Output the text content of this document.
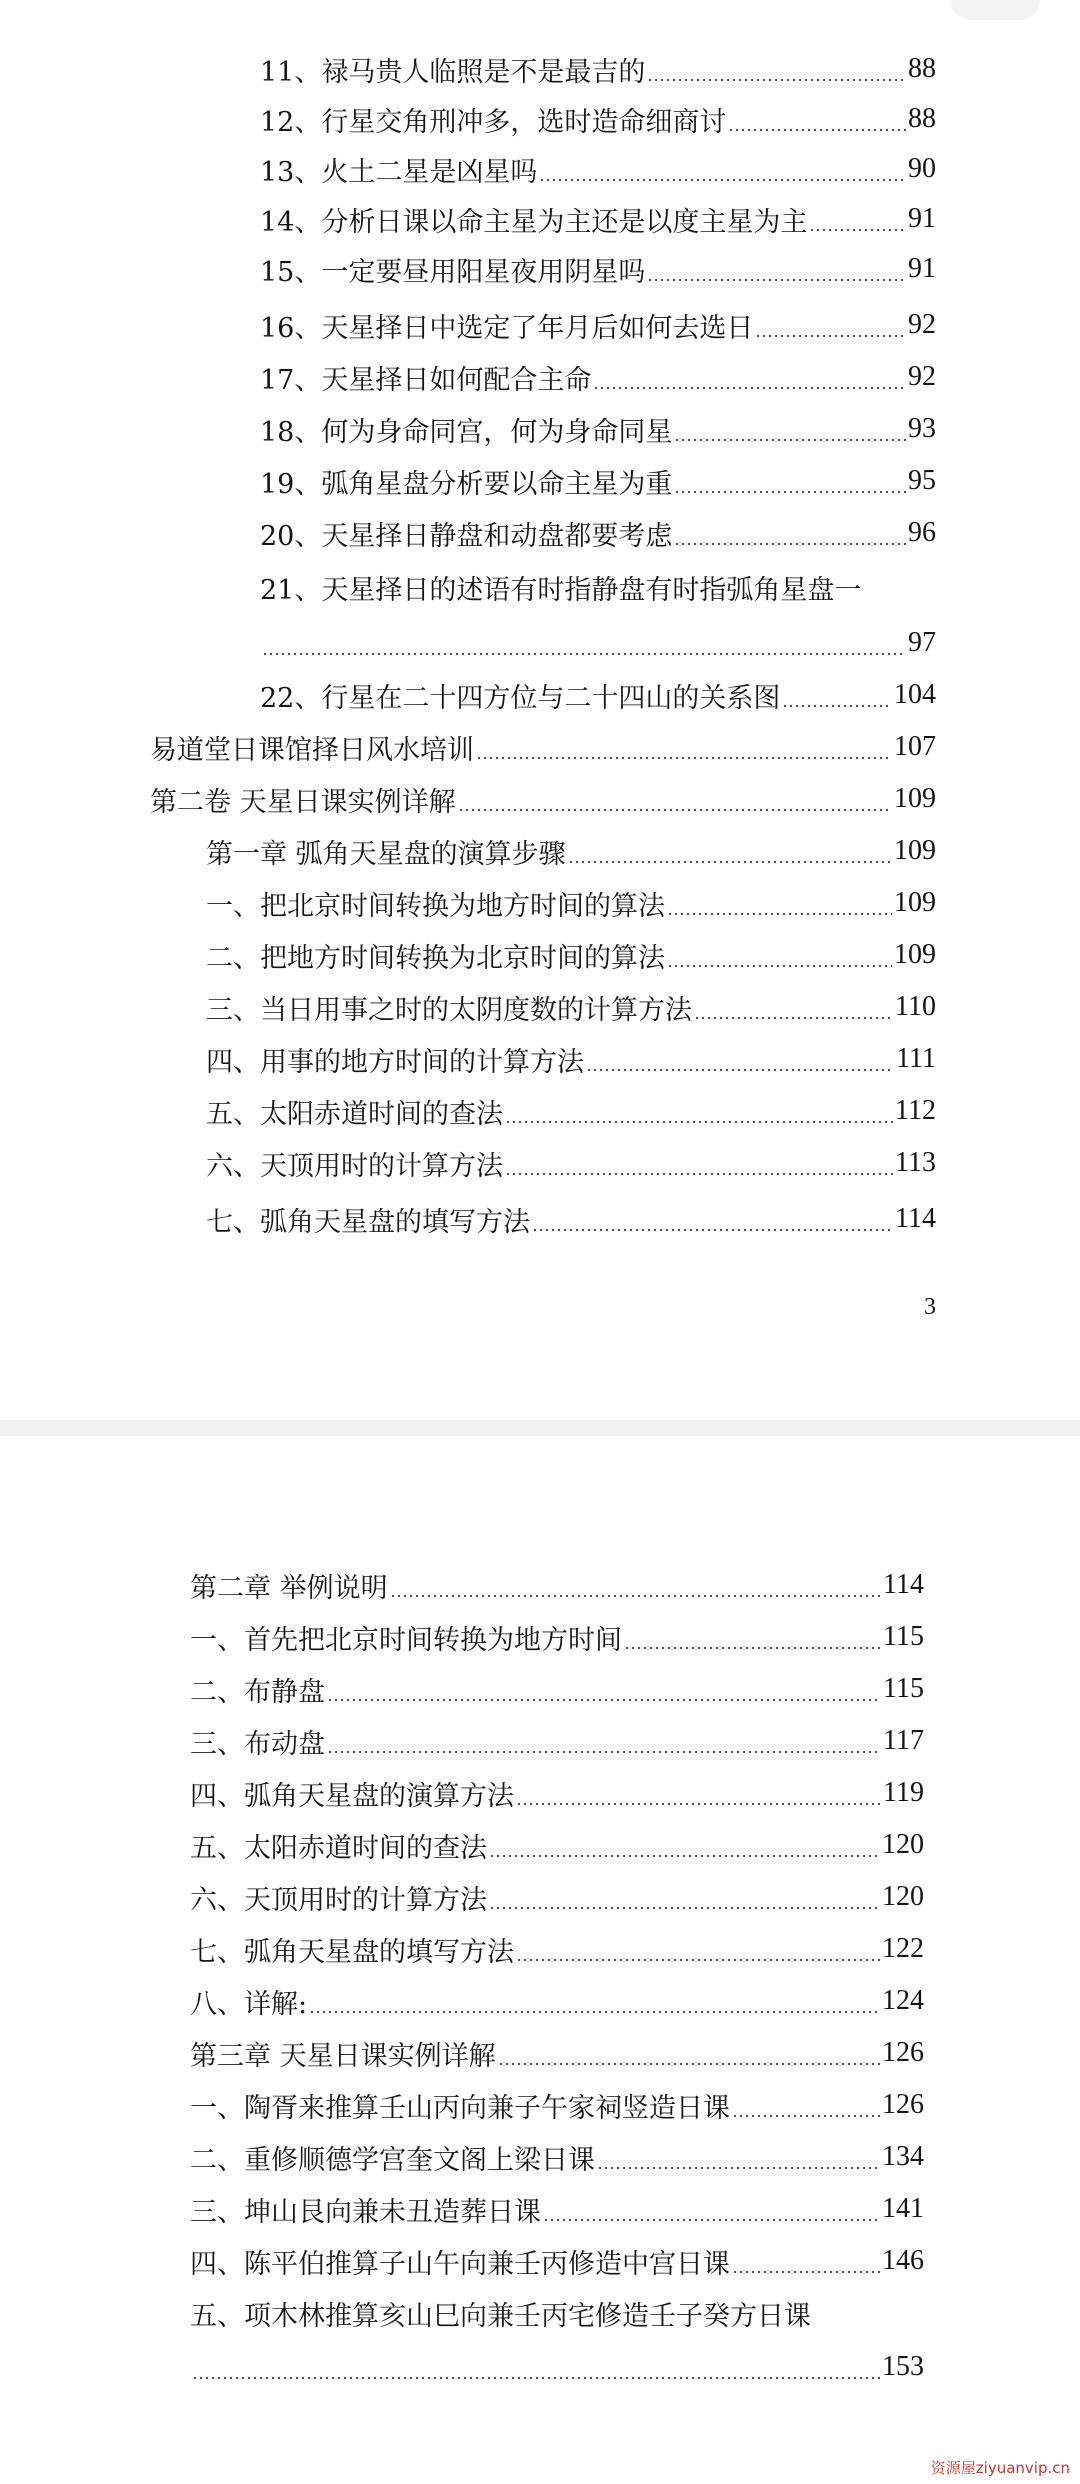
11、禄马贵人临照是不是最吉的	88
12、行星交角刑冲多，选时造命细商讨	88
13、火土二星是凶星吗	90
14、分析日课以命主星为主还是以度主星为主	91
15、一定要昼用阳星夜用阴星吗	91
16、天星择日中选定了年月后如何去选日	92
17、天星择日如何配合主命	92
18、何为身命同宫，何为身命同星	93
19、弧角星盘分析要以命主星为重	95
20、天星择日静盘和动盘都要考虑	96
21、天星择日的述语有时指静盘有时指弧角星盘一
97
22、行星在二十四方位与二十四山的关系图	104
易道堂日课馆择日风水培训	107
第二卷 天星日课实例详解	109
第一章 弧角天星盘的演算步骤	109
一、把北京时间转换为地方时间的算法	109
二、把地方时间转换为北京时间的算法	109
三、当日用事之时的太阴度数的计算方法	110
四、用事的地方时间的计算方法	111
五、太阳赤道时间的查法	112
六、天顶用时的计算方法	113
七、弧角天星盘的填写方法	114
3
第二章 举例说明	114
一、首先把北京时间转换为地方时间	115
二、布静盘	115
三、布动盘	117
四、弧角天星盘的演算方法	119
五、太阳赤道时间的查法	120
六、天顶用时的计算方法	120
七、弧角天星盘的填写方法	122
八、详解:	124
第三章 天星日课实例详解	126
一、陶胥来推算壬山丙向兼子午家祠竖造日课	126
二、重修顺德学宫奎文阁上梁日课	134
三、坤山艮向兼未丑造葬日课	141
四、陈平伯推算子山午向兼壬丙修造中宫日课	146
五、项木林推算亥山巳向兼壬丙宅修造壬子癸方日课
153
资源屋ziyuanvip.cn
